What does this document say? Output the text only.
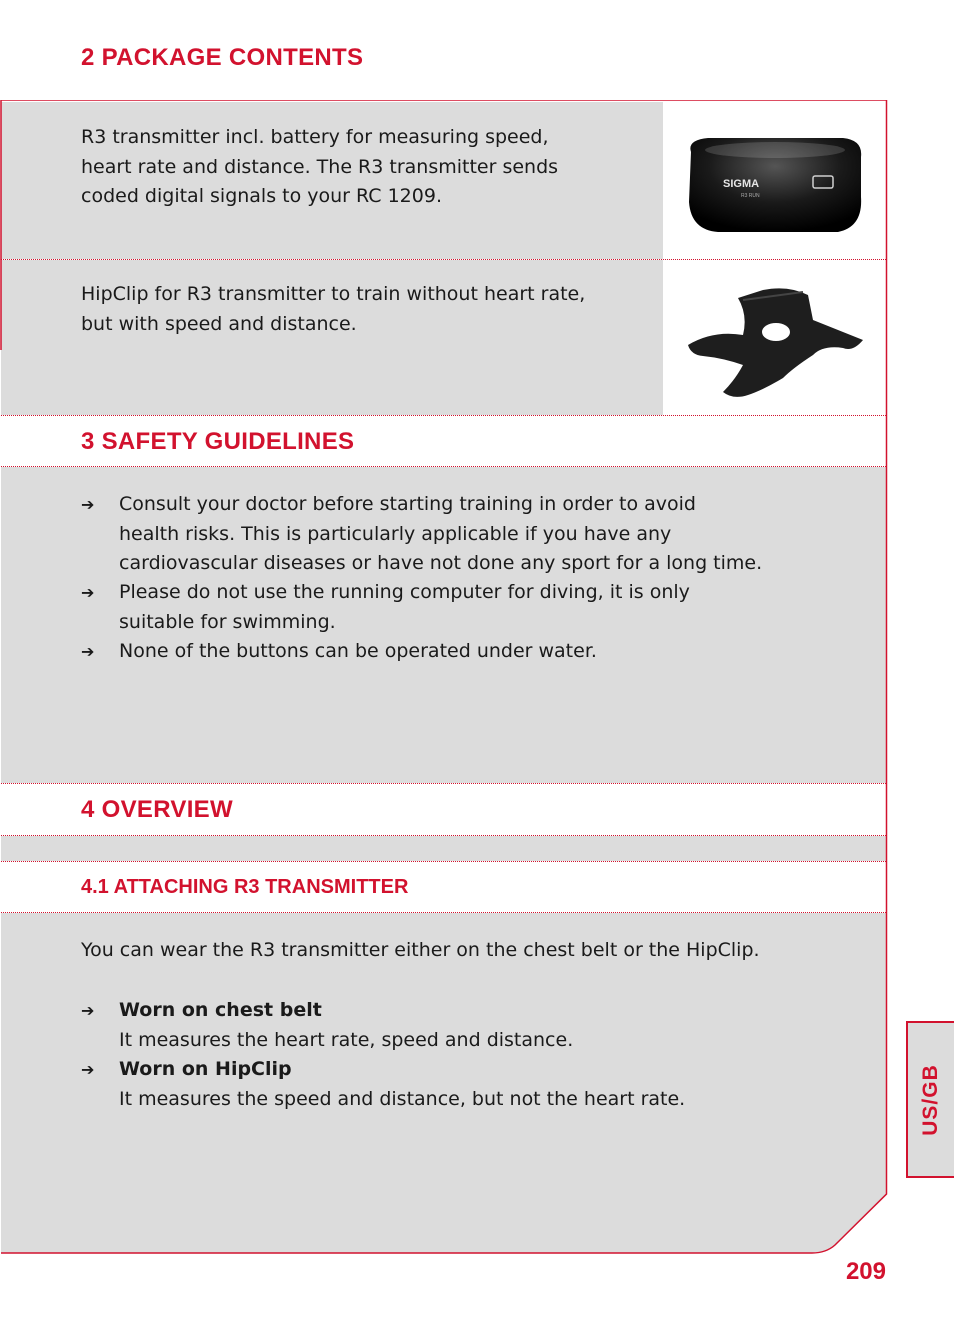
2 PACKAGE CONTENTS
SIGMA
R3 RUN
R3 transmitter incl. battery for measuring speed,
heart rate and distance. The R3 transmitter sends
coded digital signals to your RC 1209.
HipClip for R3 transmitter to train without heart rate,
but with speed and distance.
3 SAFETY GUIDELINES
➔	Consult your doctor before starting training in order to avoid
health risks. This is particularly applicable if you have any
cardiovascular diseases or have not done any sport for a long time.
➔	Please do not use the running computer for diving, it is only
suitable for swimming.
➔	None of the buttons can be operated under water.
4 OVERVIEW
4.1 ATTACHING R3 TRANSMITTER
You can wear the R3 transmitter either on the chest belt or the HipClip.
➔	Worn on chest belt
It measures the heart rate, speed and distance.
➔	Worn on HipClip
It measures the speed and distance, but not the heart rate.	US/GB
209
